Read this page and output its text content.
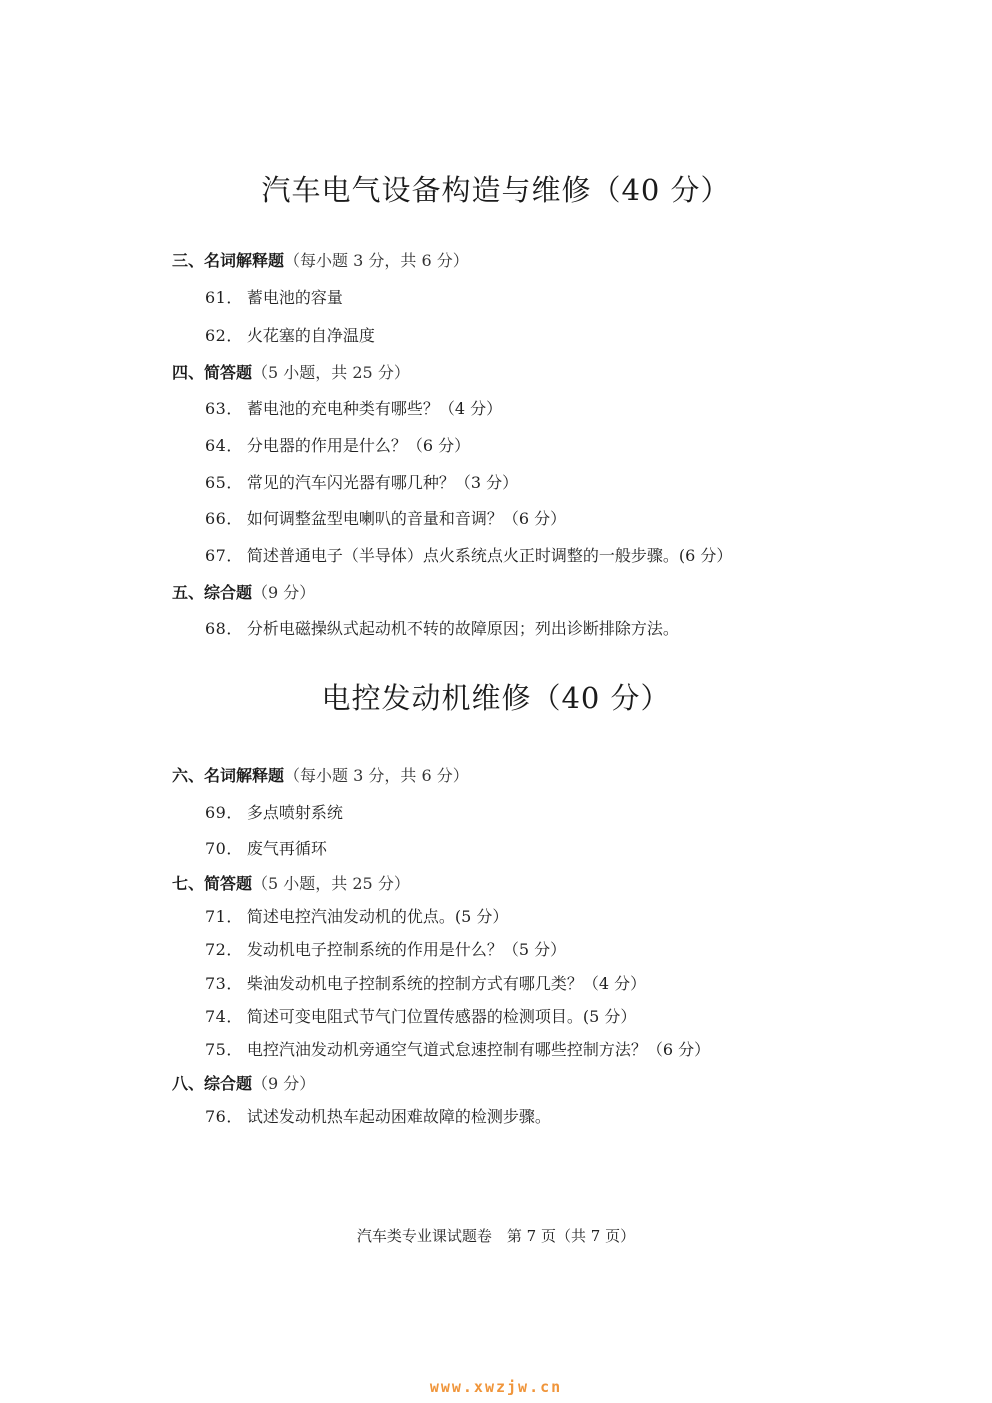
汽车电气设备构造与维修（40 分）
三、名词解释题（每小题 3 分，共 6 分）
61． 蓄电池的容量
62． 火花塞的自净温度
四、简答题（5 小题，共 25 分）
63． 蓄电池的充电种类有哪些？（4 分）
64． 分电器的作用是什么？（6 分）
65． 常见的汽车闪光器有哪几种？（3 分）
66． 如何调整盆型电喇叭的音量和音调？（6 分）
67． 简述普通电子（半导体）点火系统点火正时调整的一般步骤。(6 分）
五、综合题（9 分）
68． 分析电磁操纵式起动机不转的故障原因；列出诊断排除方法。
电控发动机维修（40 分）
六、名词解释题（每小题 3 分，共 6 分）
69． 多点喷射系统
70． 废气再循环
七、简答题（5 小题，共 25 分）
71． 简述电控汽油发动机的优点。(5 分）
72． 发动机电子控制系统的作用是什么？（5 分）
73． 柴油发动机电子控制系统的控制方式有哪几类？（4 分）
74． 简述可变电阻式节气门位置传感器的检测项目。(5 分）
75． 电控汽油发动机旁通空气道式怠速控制有哪些控制方法？（6 分）
八、综合题（9 分）
76． 试述发动机热车起动困难故障的检测步骤。
汽车类专业课试题卷　第 7 页（共 7 页）
www.xwzjw.cn
